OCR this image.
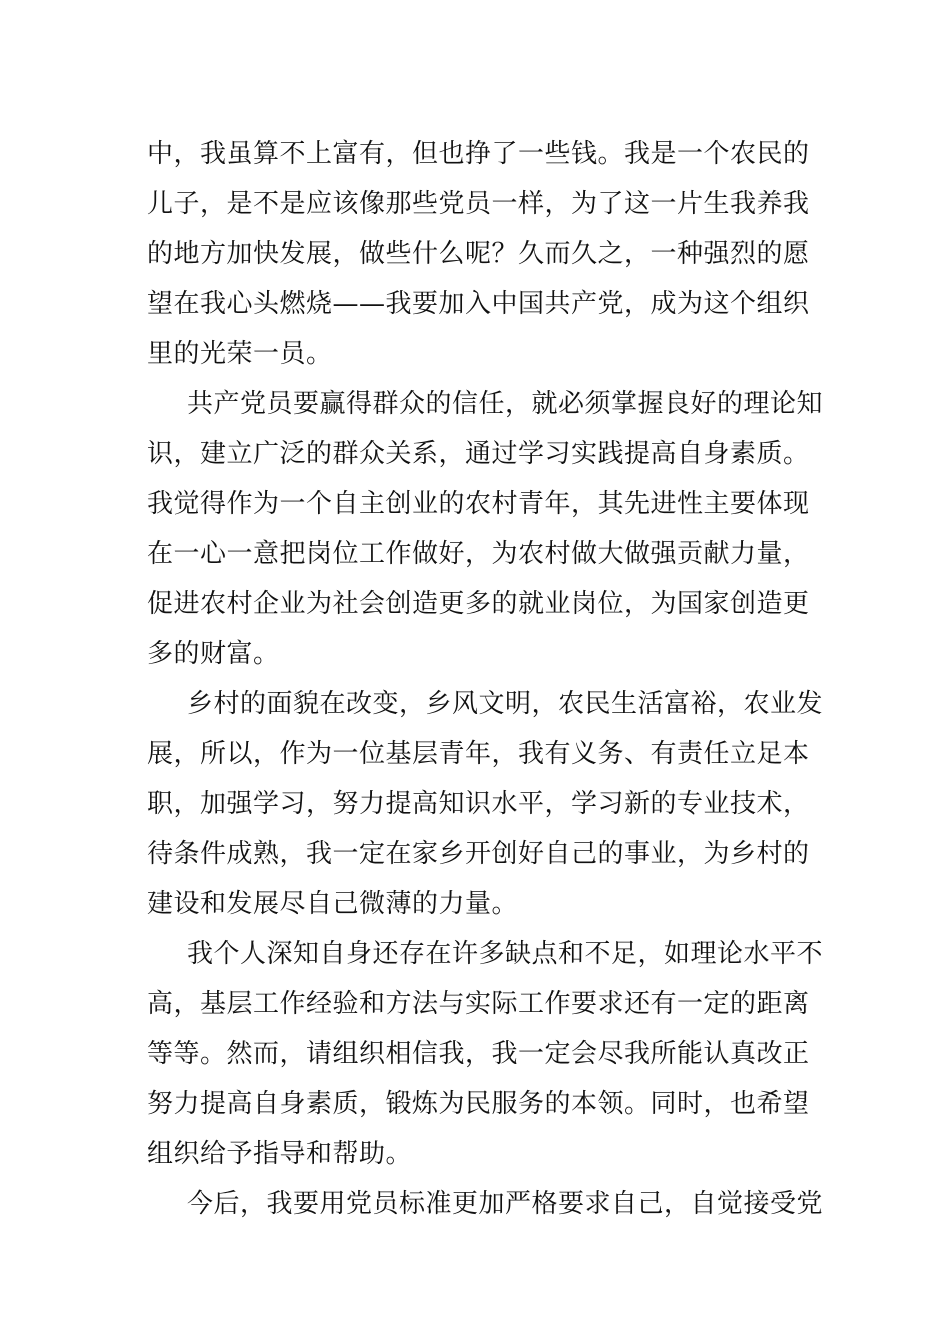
中，我虽算不上富有，但也挣了一些钱。我是一个农民的
儿子，是不是应该像那些党员一样，为了这一片生我养我
的地方加快发展，做些什么呢？久而久之，一种强烈的愿
望在我心头燃烧——我要加入中国共产党，成为这个组织
里的光荣一员。
共产党员要赢得群众的信任，就必须掌握良好的理论知
识，建立广泛的群众关系，通过学习实践提高自身素质。
我觉得作为一个自主创业的农村青年，其先进性主要体现
在一心一意把岗位工作做好，为农村做大做强贡献力量，
促进农村企业为社会创造更多的就业岗位，为国家创造更
多的财富。
乡村的面貌在改变，乡风文明，农民生活富裕，农业发
展，所以，作为一位基层青年，我有义务、有责任立足本
职，加强学习，努力提高知识水平，学习新的专业技术，
待条件成熟，我一定在家乡开创好自己的事业，为乡村的
建设和发展尽自己微薄的力量。
我个人深知自身还存在许多缺点和不足，如理论水平不
高，基层工作经验和方法与实际工作要求还有一定的距离
等等。然而，请组织相信我，我一定会尽我所能认真改正
努力提高自身素质，锻炼为民服务的本领。同时，也希望
组织给予指导和帮助。
今后，我要用党员标准更加严格要求自己，自觉接受党
